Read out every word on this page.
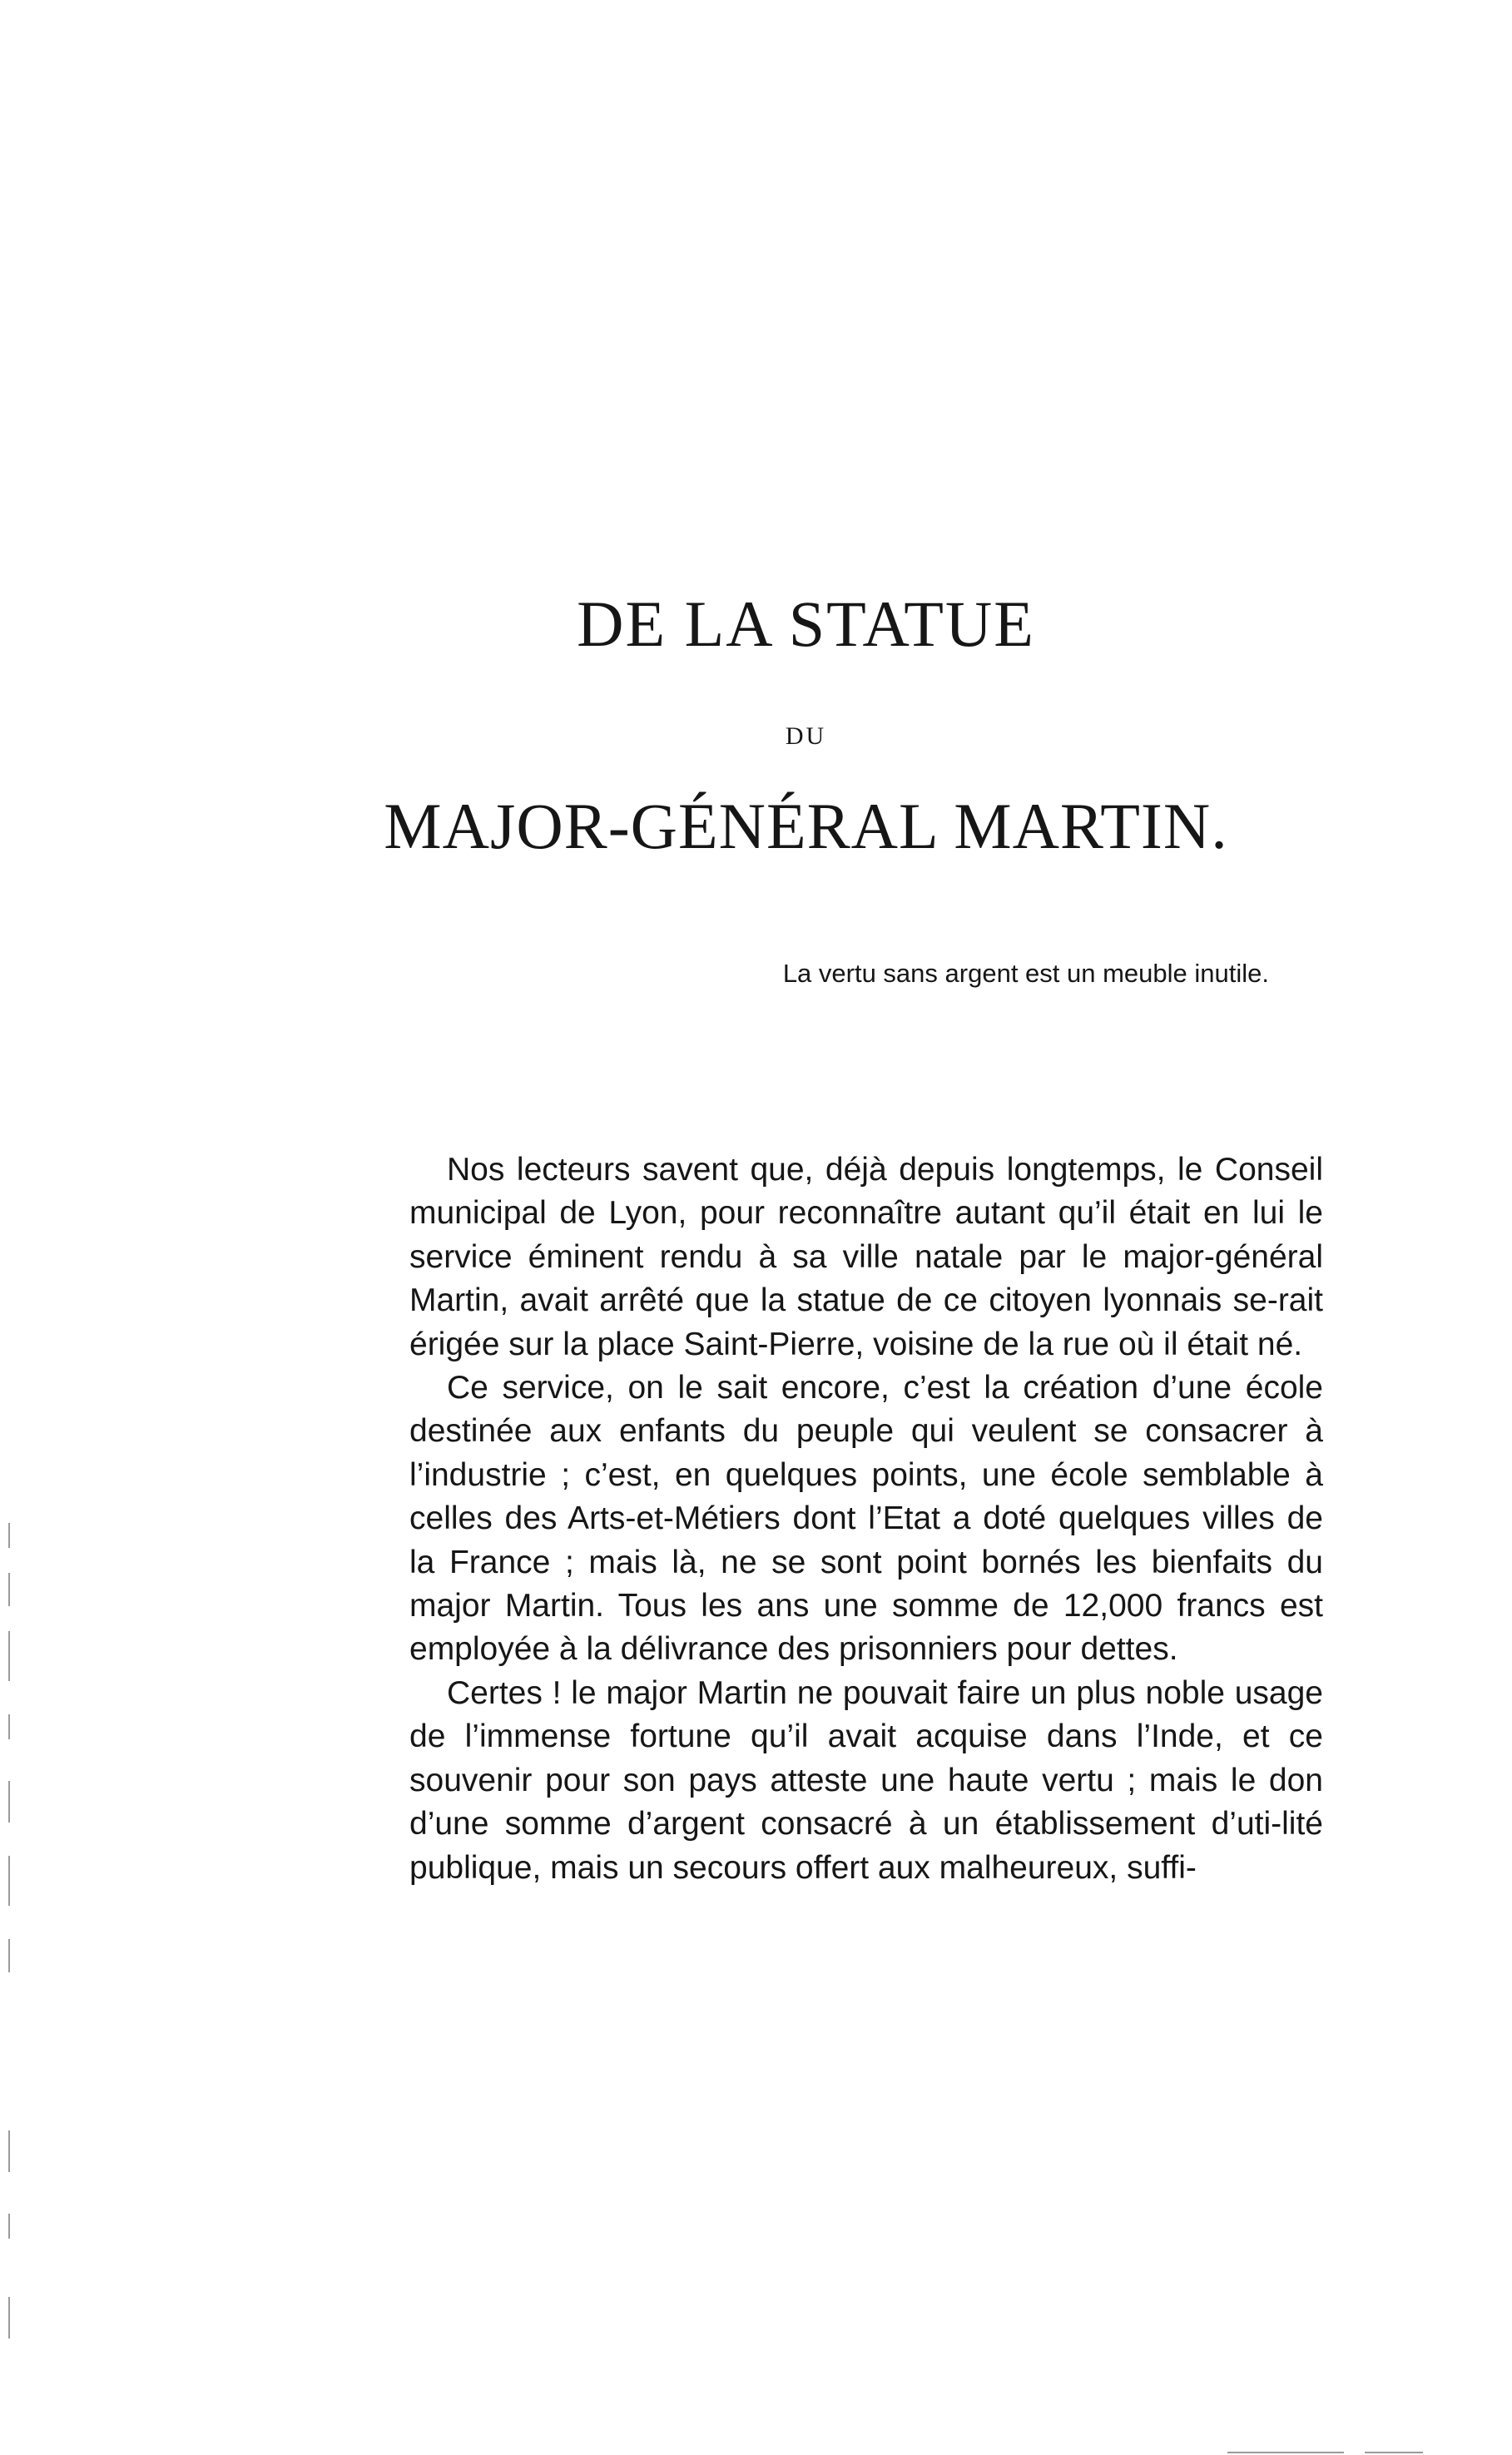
DE LA STATUE
DU
MAJOR-GÉNÉRAL MARTIN.
La vertu sans argent est un meuble inutile.

Nos lecteurs savent que, déjà depuis longtemps, le Conseil municipal de Lyon, pour reconnaître autant qu’il était en lui le service éminent rendu à sa ville natale par le major-général Martin, avait arrêté que la statue de ce citoyen lyonnais se-rait érigée sur la place Saint-Pierre, voisine de la rue où il était né.

Ce service, on le sait encore, c’est la création d’une école destinée aux enfants du peuple qui veulent se consacrer à l’industrie ; c’est, en quelques points, une école semblable à celles des Arts-et-Métiers dont l’Etat a doté quelques villes de la France ; mais là, ne se sont point bornés les bienfaits du major Martin. Tous les ans une somme de 12,000 francs est employée à la délivrance des prisonniers pour dettes.

Certes ! le major Martin ne pouvait faire un plus noble usage de l’immense fortune qu’il avait acquise dans l’Inde, et ce souvenir pour son pays atteste une haute vertu ; mais le don d’une somme d’argent consacré à un établissement d’uti-lité publique, mais un secours offert aux malheureux, suffi-
